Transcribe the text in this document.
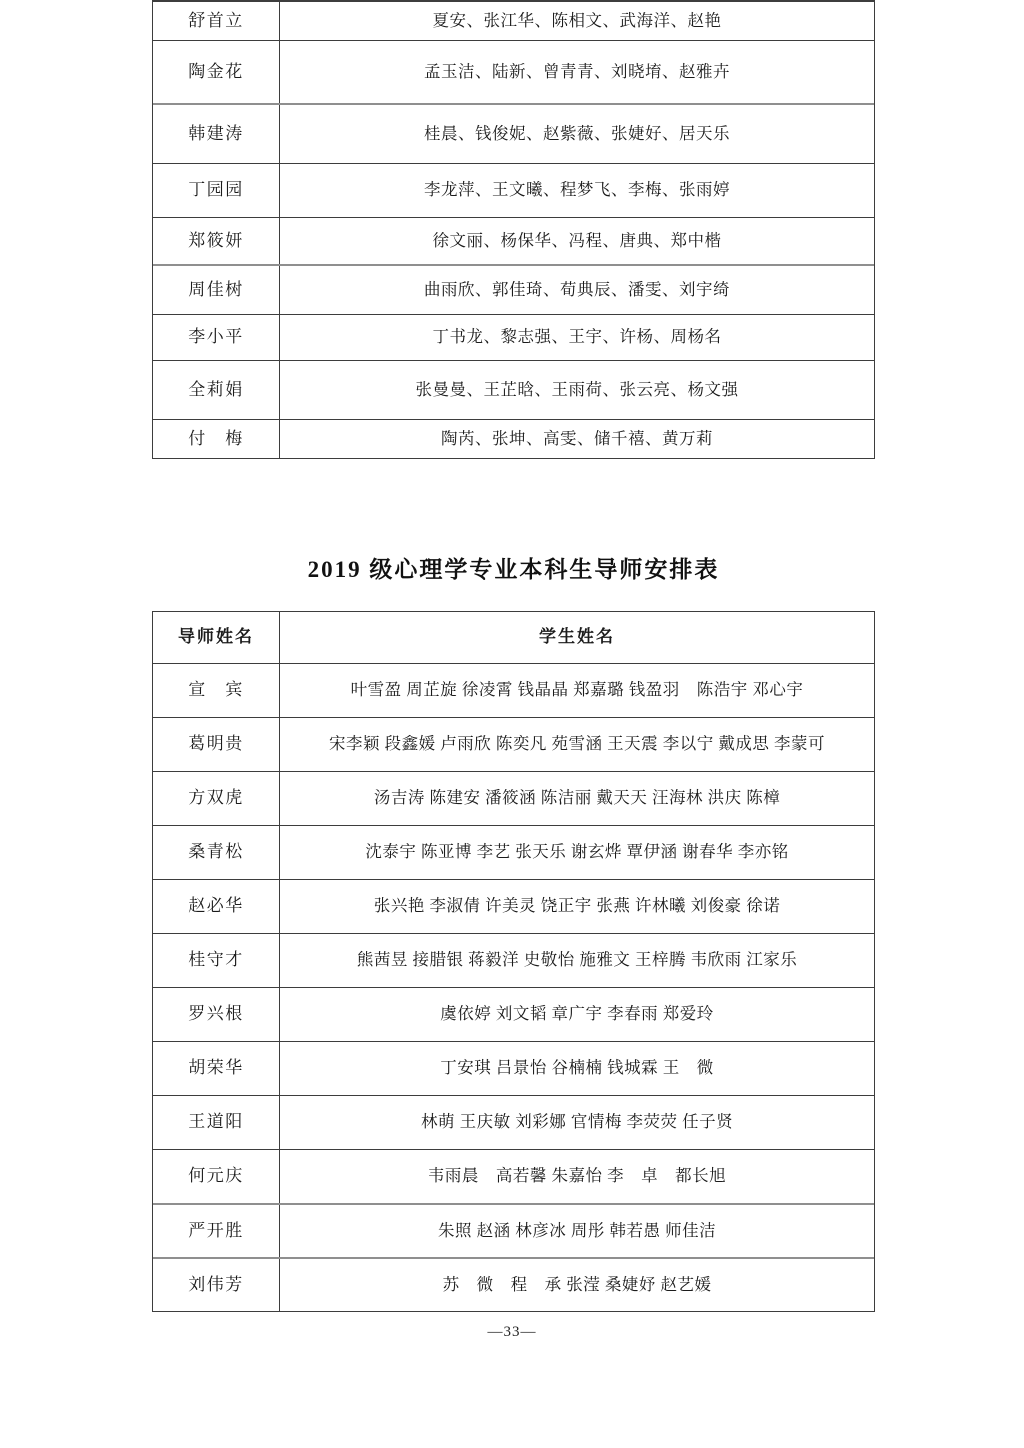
舒首立	夏安、张江华、陈相文、武海洋、赵艳
陶金花	孟玉洁、陆新、曾青青、刘晓堉、赵雅卉
韩建涛	桂晨、钱俊妮、赵紫薇、张婕好、居天乐
丁园园	李龙萍、王文曦、程梦飞、李梅、张雨婷
郑筱妍	徐文丽、杨保华、冯程、唐典、郑中楷
周佳树	曲雨欣、郭佳琦、荀典辰、潘雯、刘宇绮
李小平	丁书龙、黎志强、王宇、许杨、周杨名
全莉娟	张曼曼、王芷晗、王雨荷、张云亮、杨文强
付　梅	陶芮、张坤、高雯、储千禧、黄万莉
2019 级心理学专业本科生导师安排表
导师姓名	学生姓名
宣　宾	叶雪盈 周芷旋 徐凌霄 钱晶晶 郑嘉璐 钱盈羽　陈浩宇 邓心宇
葛明贵	宋李颖 段鑫媛 卢雨欣 陈奕凡 苑雪涵 王天震 李以宁 戴成思 李蒙可
方双虎	汤吉涛 陈建安 潘筱涵 陈洁丽 戴天天 汪海林 洪庆 陈樟
桑青松	沈泰宇 陈亚博 李艺 张天乐 谢玄烨 覃伊涵 谢春华 李亦铭
赵必华	张兴艳 李淑倩 许美灵 饶正宇 张燕 许林曦 刘俊豪 徐诺
桂守才	熊茜昱 接腊银 蒋毅洋 史敬怡 施雅文 王梓腾 韦欣雨 江家乐
罗兴根	虞依婷 刘文韬 章广宇 李春雨 郑爱玲
胡荣华	丁安琪 吕景怡 谷楠楠 钱城霖 王　微
王道阳	林萌 王庆敏 刘彩娜 官情梅 李荧荧 任子贤
何元庆	韦雨晨　高若馨 朱嘉怡 李　卓　都长旭
严开胜	朱照 赵涵 林彦冰 周彤 韩若愚 师佳洁
刘伟芳	苏　微　程　承 张滢 桑婕妤 赵艺媛
—33—
